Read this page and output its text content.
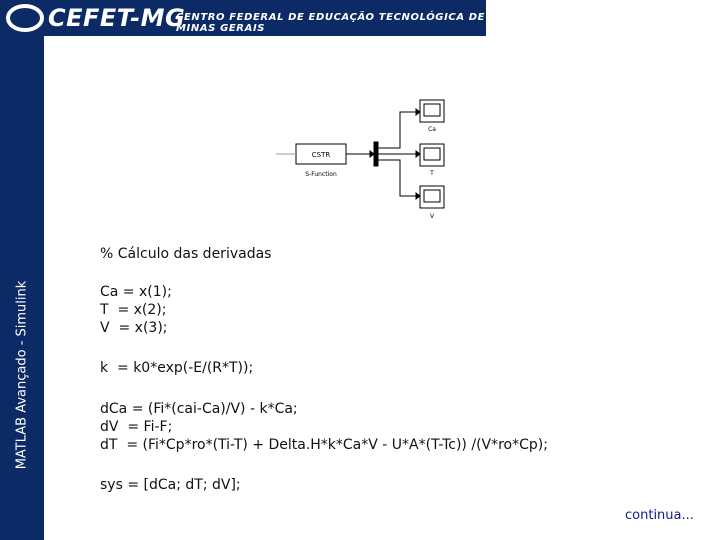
CEFET-MG
CENTRO FEDERAL DE EDUCAÇÃO TECNOLÓGICA DE MINAS GERAIS
MATLAB Avançado - Simulink
CSTR
S-Function
Ca
T
V
% Cálculo das derivadas
Ca = x(1);
T  = x(2);
V  = x(3);
k  = k0*exp(-E/(R*T));
dCa = (Fi*(cai-Ca)/V) - k*Ca;
dV  = Fi-F;
dT  = (Fi*Cp*ro*(Ti-T) + Delta.H*k*Ca*V - U*A*(T-Tc)) /(V*ro*Cp);
sys = [dCa; dT; dV];
continua...
